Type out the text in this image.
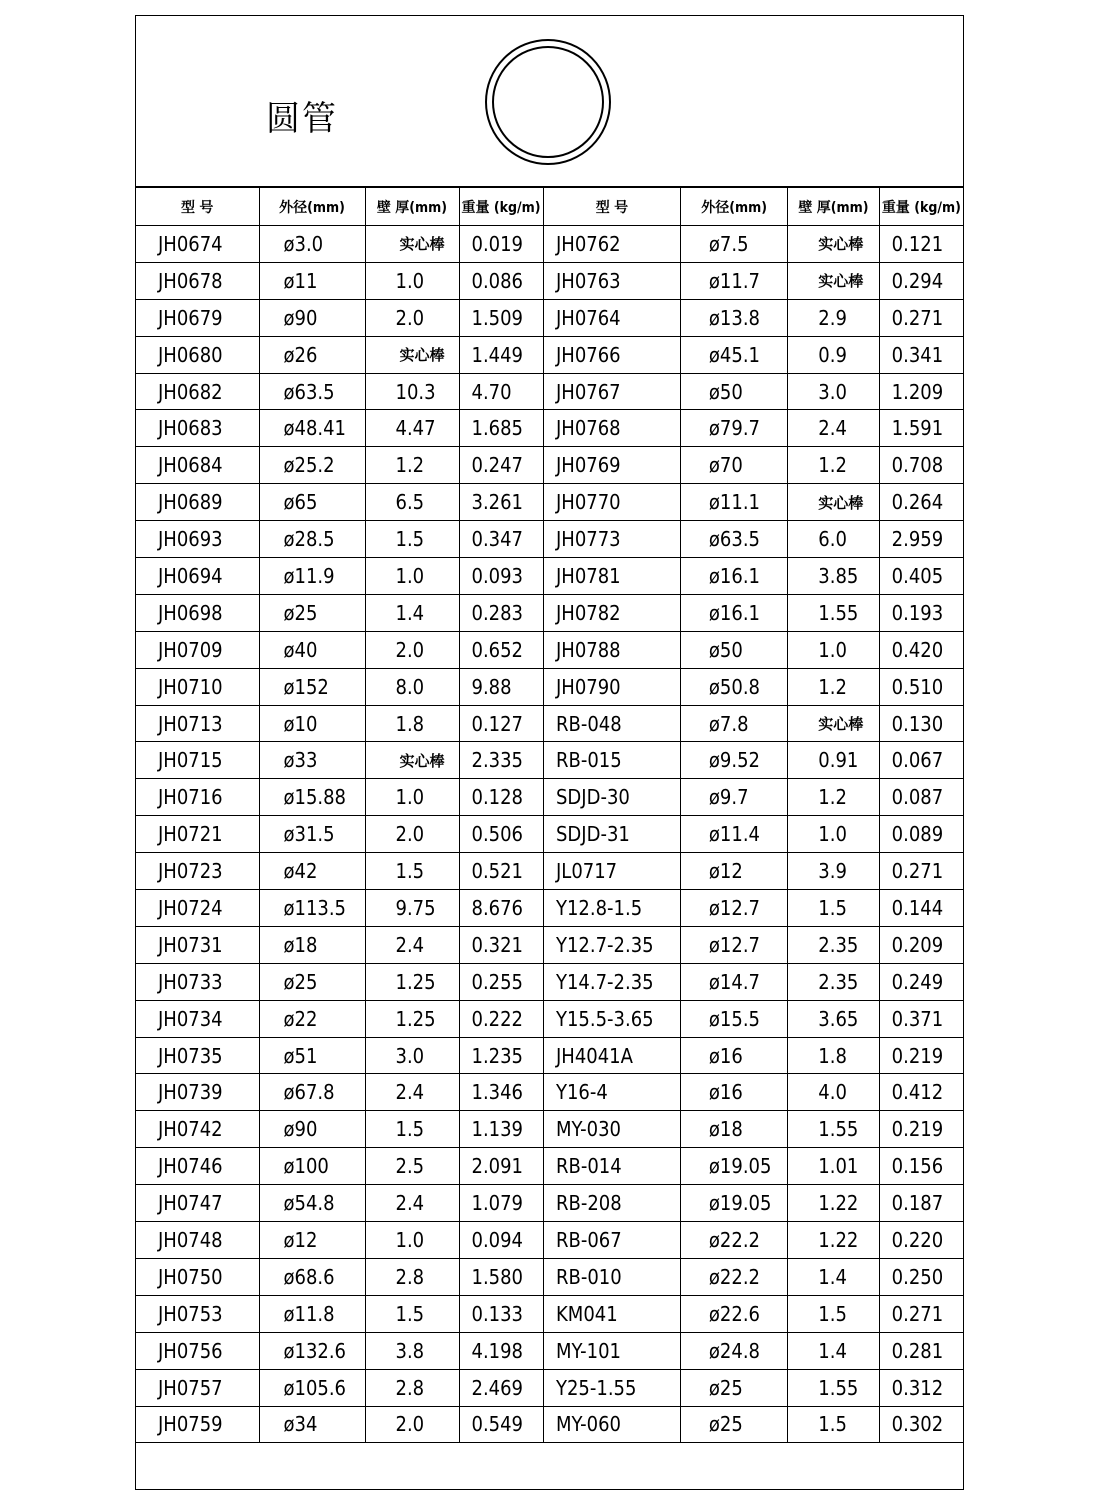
圆管
型 号	外径(mm)	壁 厚(mm)	重量 (kg/m)
JH0674	ø3.0	实心棒	0.019
JH0678	ø11	1.0	0.086
JH0679	ø90	2.0	1.509
JH0680	ø26	实心棒	1.449
JH0682	ø63.5	10.3	4.70
JH0683	ø48.41	4.47	1.685
JH0684	ø25.2	1.2	0.247
JH0689	ø65	6.5	3.261
JH0693	ø28.5	1.5	0.347
JH0694	ø11.9	1.0	0.093
JH0698	ø25	1.4	0.283
JH0709	ø40	2.0	0.652
JH0710	ø152	8.0	9.88
JH0713	ø10	1.8	0.127
JH0715	ø33	实心棒	2.335
JH0716	ø15.88	1.0	0.128
JH0721	ø31.5	2.0	0.506
JH0723	ø42	1.5	0.521
JH0724	ø113.5	9.75	8.676
JH0731	ø18	2.4	0.321
JH0733	ø25	1.25	0.255
JH0734	ø22	1.25	0.222
JH0735	ø51	3.0	1.235
JH0739	ø67.8	2.4	1.346
JH0742	ø90	1.5	1.139
JH0746	ø100	2.5	2.091
JH0747	ø54.8	2.4	1.079
JH0748	ø12	1.0	0.094
JH0750	ø68.6	2.8	1.580
JH0753	ø11.8	1.5	0.133
JH0756	ø132.6	3.8	4.198
JH0757	ø105.6	2.8	2.469
JH0759	ø34	2.0	0.549
型 号	外径(mm)	壁 厚(mm)	重量 (kg/m)
JH0762	ø7.5	实心棒	0.121
JH0763	ø11.7	实心棒	0.294
JH0764	ø13.8	2.9	0.271
JH0766	ø45.1	0.9	0.341
JH0767	ø50	3.0	1.209
JH0768	ø79.7	2.4	1.591
JH0769	ø70	1.2	0.708
JH0770	ø11.1	实心棒	0.264
JH0773	ø63.5	6.0	2.959
JH0781	ø16.1	3.85	0.405
JH0782	ø16.1	1.55	0.193
JH0788	ø50	1.0	0.420
JH0790	ø50.8	1.2	0.510
RB-048	ø7.8	实心棒	0.130
RB-015	ø9.52	0.91	0.067
SDJD-30	ø9.7	1.2	0.087
SDJD-31	ø11.4	1.0	0.089
JL0717	ø12	3.9	0.271
Y12.8-1.5	ø12.7	1.5	0.144
Y12.7-2.35	ø12.7	2.35	0.209
Y14.7-2.35	ø14.7	2.35	0.249
Y15.5-3.65	ø15.5	3.65	0.371
JH4041A	ø16	1.8	0.219
Y16-4	ø16	4.0	0.412
MY-030	ø18	1.55	0.219
RB-014	ø19.05	1.01	0.156
RB-208	ø19.05	1.22	0.187
RB-067	ø22.2	1.22	0.220
RB-010	ø22.2	1.4	0.250
KM041	ø22.6	1.5	0.271
MY-101	ø24.8	1.4	0.281
Y25-1.55	ø25	1.55	0.312
MY-060	ø25	1.5	0.302
